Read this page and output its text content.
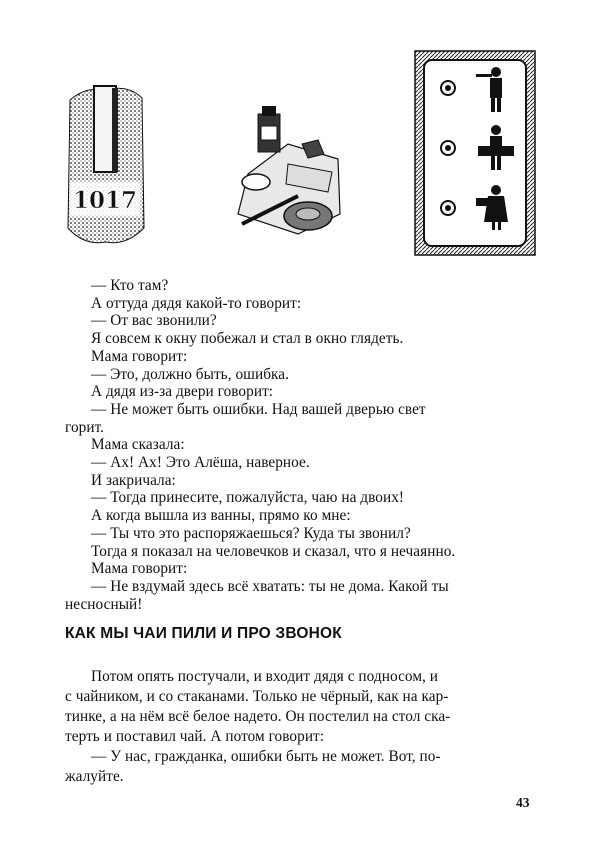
1017
КАК МЫ ЧАИ ПИЛИ И ПРО ЗВОНОК
Потом опять постучали, и входит дядя с подносом, и
с чайником, и со стаканами. Только не чёрный, как на кар-
тинке, а на нём всё белое надето. Он постелил на стол ска-
терть и поставил чай. А потом говорит:
— У нас, гражданка, ошибки быть не может. Вот, по-
жалуйте.
43
— Кто там?
А оттуда дядя какой-то говорит:
— От вас звонили?
Я совсем к окну побежал и стал в окно глядеть.
Мама говорит:
— Это, должно быть, ошибка.
А дядя из-за двери говорит:
— Не может быть ошибки. Над вашей дверью свет
горит.
Мама сказала:
— Ах! Ах! Это Алёша, наверное.
И закричала:
— Тогда принесите, пожалуйста, чаю на двоих!
А когда вышла из ванны, прямо ко мне:
— Ты что это распоряжаешься? Куда ты звонил?
Тогда я показал на человечков и сказал, что я нечаянно.
Мама говорит:
— Не вздумай здесь всё хватать: ты не дома. Какой ты
несносный!
